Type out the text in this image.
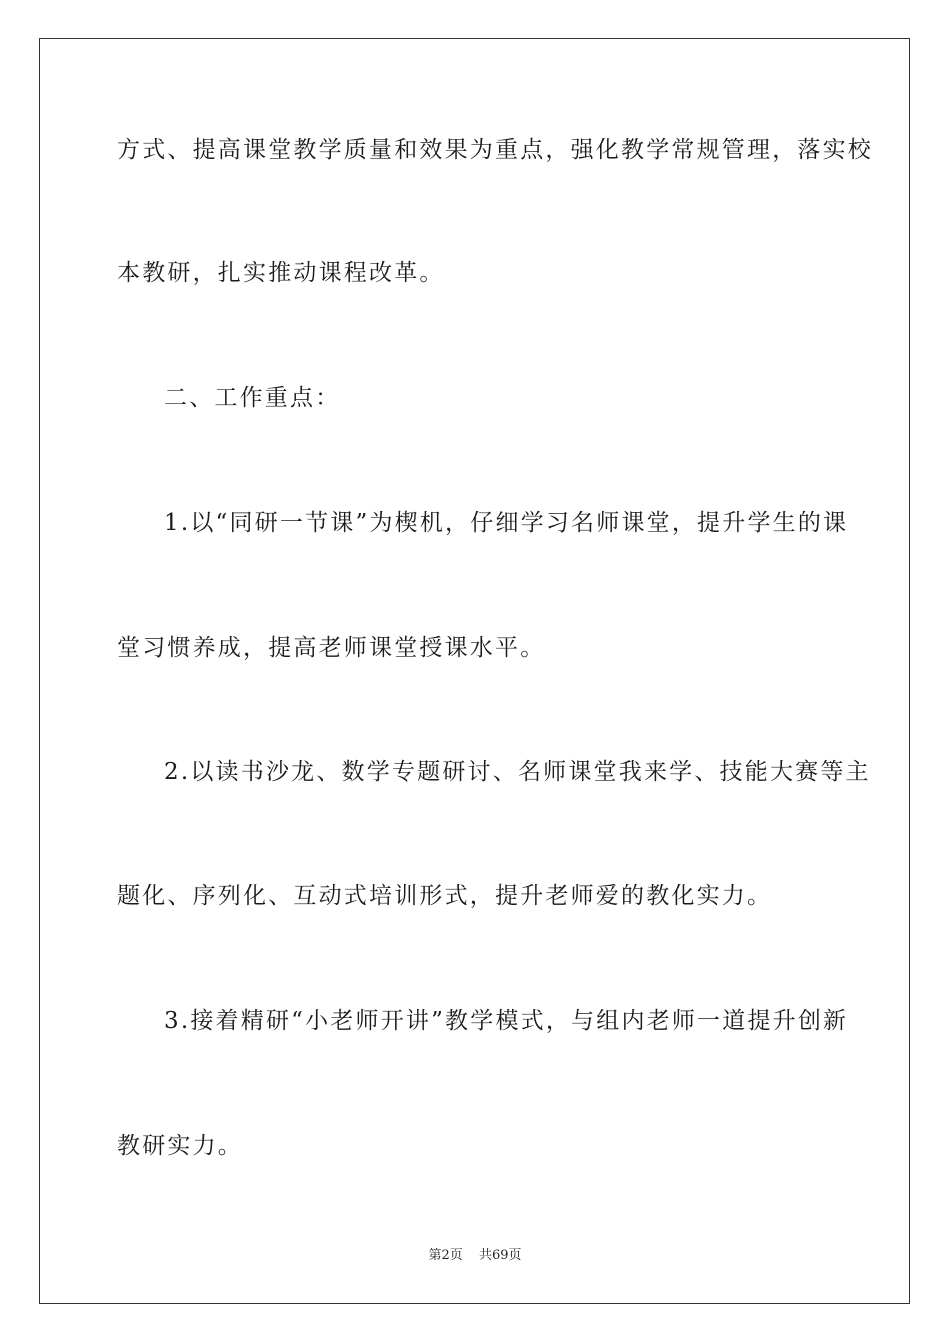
方式、提高课堂教学质量和效果为重点，强化教学常规管理，落实校
本教研，扎实推动课程改革。
二、工作重点：
1.以“同研一节课”为楔机，仔细学习名师课堂，提升学生的课
堂习惯养成，提高老师课堂授课水平。
2.以读书沙龙、数学专题研讨、名师课堂我来学、技能大赛等主
题化、序列化、互动式培训形式，提升老师爱的教化实力。
3.接着精研“小老师开讲”教学模式，与组内老师一道提升创新
教研实力。
第2页 共69页
